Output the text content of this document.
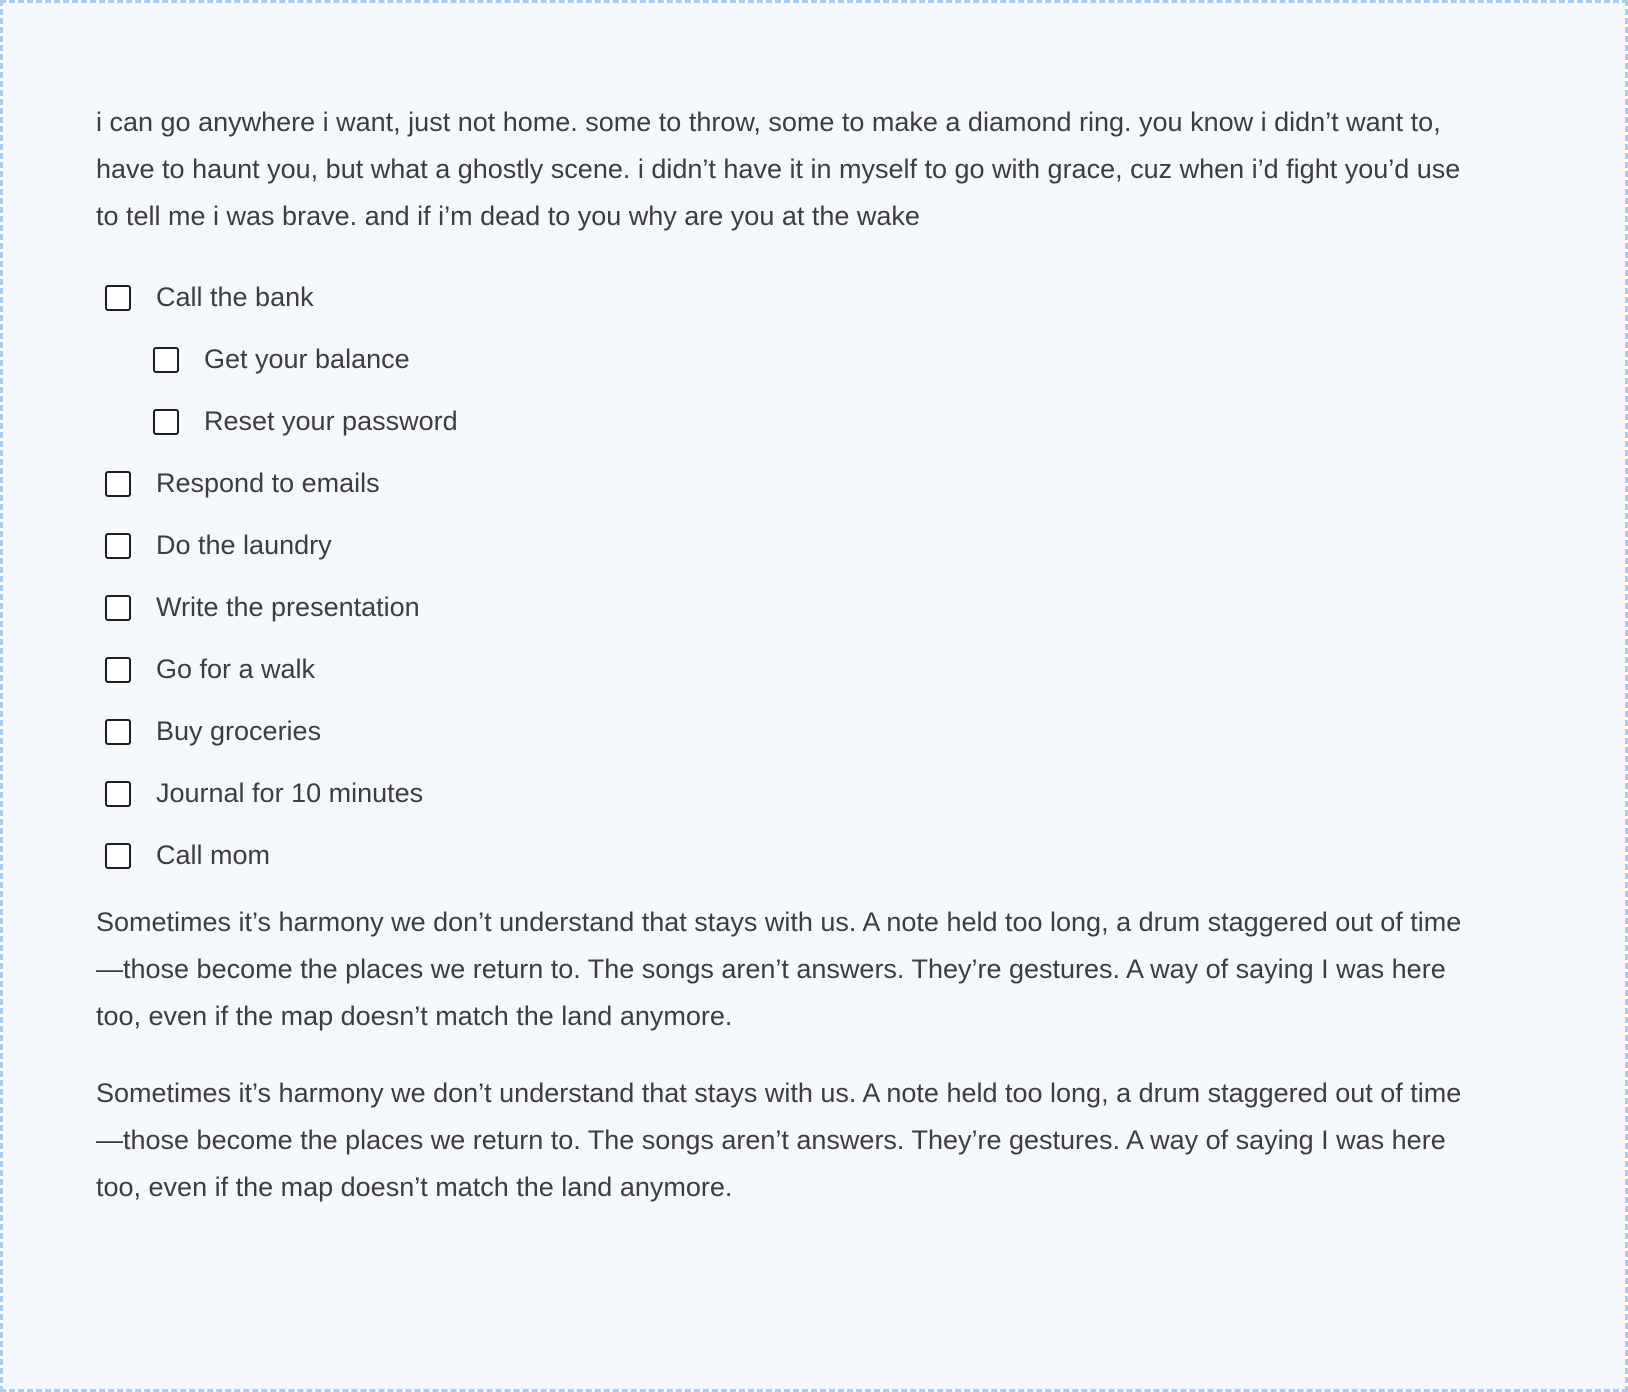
i can go anywhere i want, just not home. some to throw, some to make a diamond ring. you know i didn’t want to, have to haunt you, but what a ghostly scene. i didn’t have it in myself to go with grace, cuz when i’d fight you’d use to tell me i was brave. and if i’m dead to you why are you at the wake

Call the bank
Get your balance
Reset your password
Respond to emails
Do the laundry
Write the presentation
Go for a walk
Buy groceries
Journal for 10 minutes
Call mom

Sometimes it’s harmony we don’t understand that stays with us. A note held too long, a drum staggered out of time—those become the places we return to. The songs aren’t answers. They’re gestures. A way of saying I was here too, even if the map doesn’t match the land anymore.

Sometimes it’s harmony we don’t understand that stays with us. A note held too long, a drum staggered out of time—those become the places we return to. The songs aren’t answers. They’re gestures. A way of saying I was here too, even if the map doesn’t match the land anymore.
